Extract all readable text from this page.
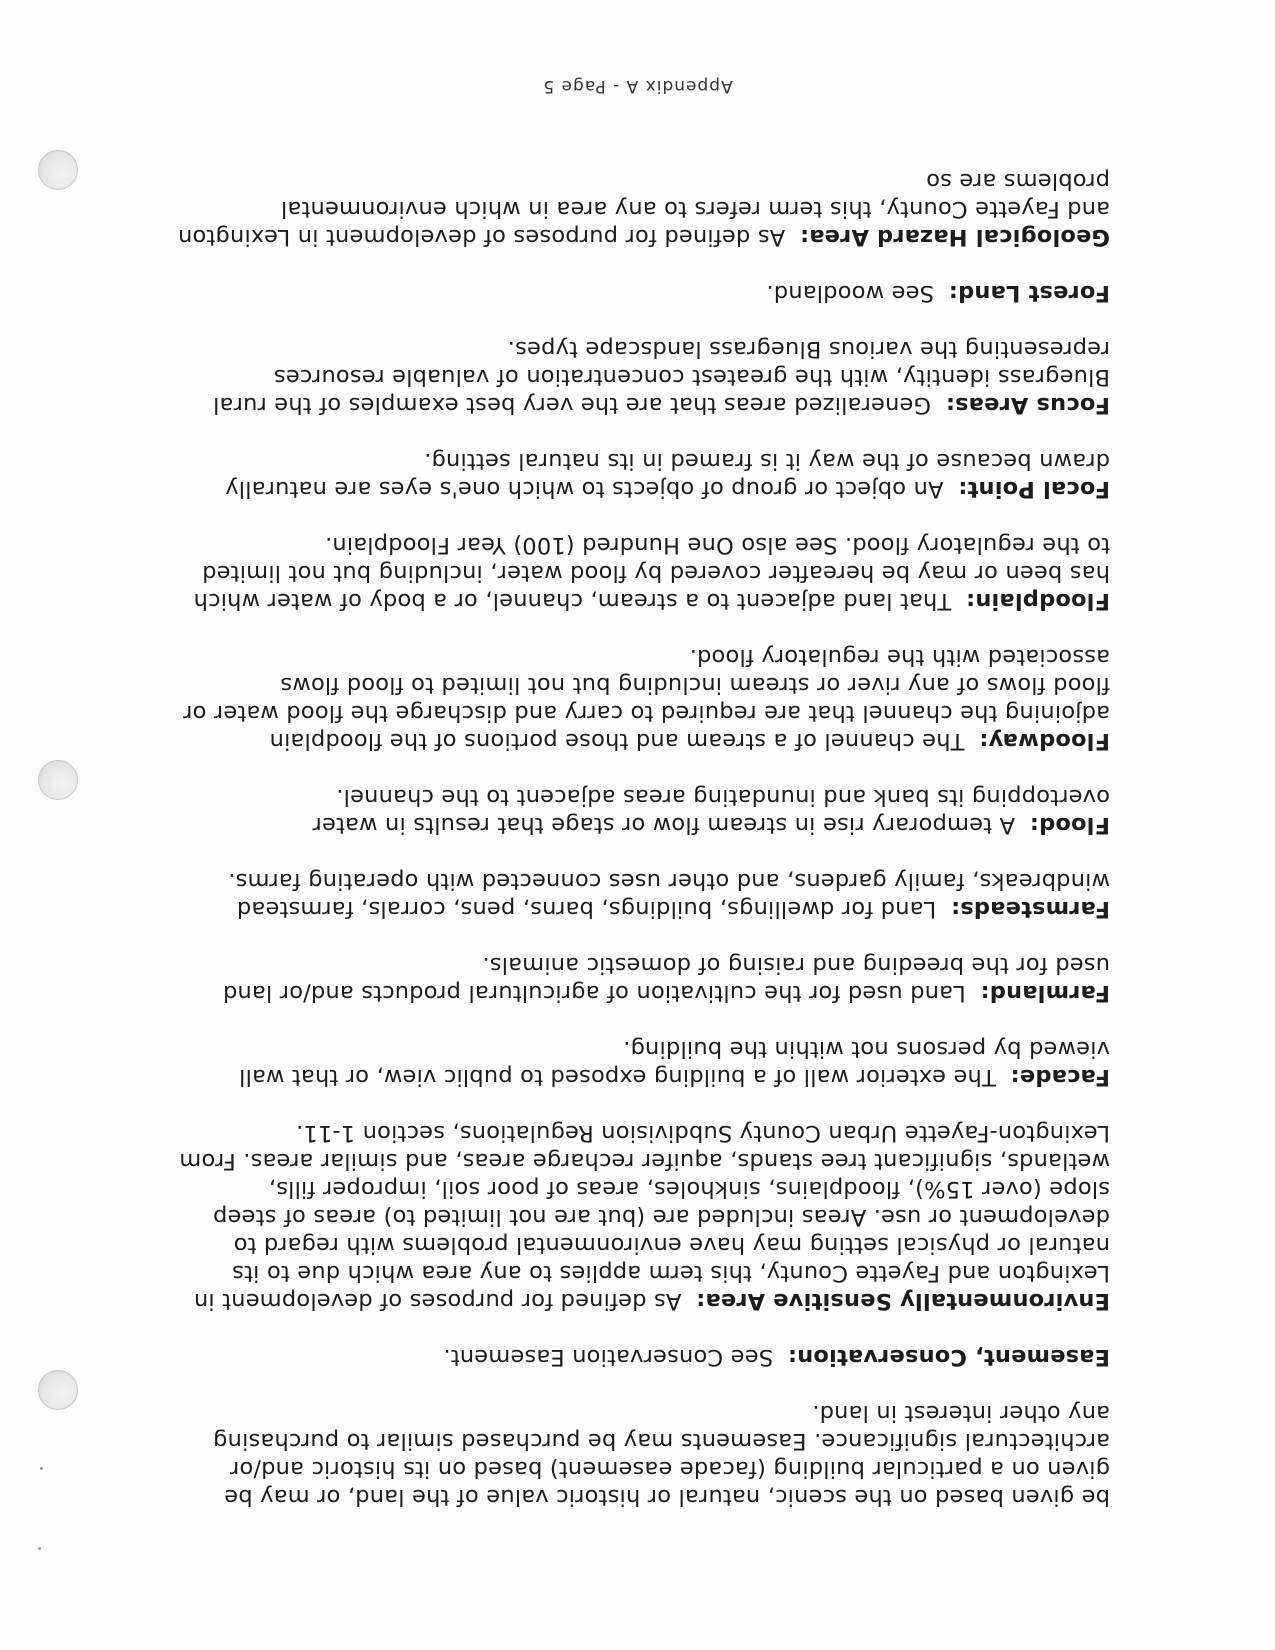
be given based on the scenic, natural or historic value of the land, or may be given on a particular building (facade easement) based on its historic and/or architectural significance. Easements may be purchased similar to purchasing any other interest in land.

Easement, Conservation:  See Conservation Easement.

Environmentally Sensitive Area:  As defined for purposes of development in Lexington and Fayette County, this term applies to any area which due to its natural or physical setting may have environmental problems with regard to development or use. Areas included are (but are not limited to) areas of steep slope (over 15%), floodplains, sinkholes, areas of poor soil, improper fills, wetlands, significant tree stands, aquifer recharge areas, and similar areas. From Lexington-Fayette Urban County Subdivision Regulations, section 1-11.

Facade:  The exterior wall of a building exposed to public view, or that wall viewed by persons not within the building.

Farmland:  Land used for the cultivation of agricultural products and/or land used for the breeding and raising of domestic animals.

Farmsteads:  Land for dwellings, buildings, barns, pens, corrals, farmstead windbreaks, family gardens, and other uses connected with operating farms.

Flood:  A temporary rise in stream flow or stage that results in water overtopping its bank and inundating areas adjacent to the channel.

Floodway:  The channel of a stream and those portions of the floodplain adjoining the channel that are required to carry and discharge the flood water or flood flows of any river or stream including but not limited to flood flows associated with the regulatory flood.

Floodplain:  That land adjacent to a stream, channel, or a body of water which has been or may be hereafter covered by flood water, including but not limited to the regulatory flood. See also One Hundred (100) Year Floodplain.

Focal Point:  An object or group of objects to which one's eyes are naturally drawn because of the way it is framed in its natural setting.

Focus Areas:  Generalized areas that are the very best examples of the rural Bluegrass identity, with the greatest concentration of valuable resources representing the various Bluegrass landscape types.

Forest Land:  See woodland.

Geological Hazard Area:  As defined for purposes of development in Lexington and Fayette County, this term refers to any area in which environmental problems are so

Appendix A - Page 5
